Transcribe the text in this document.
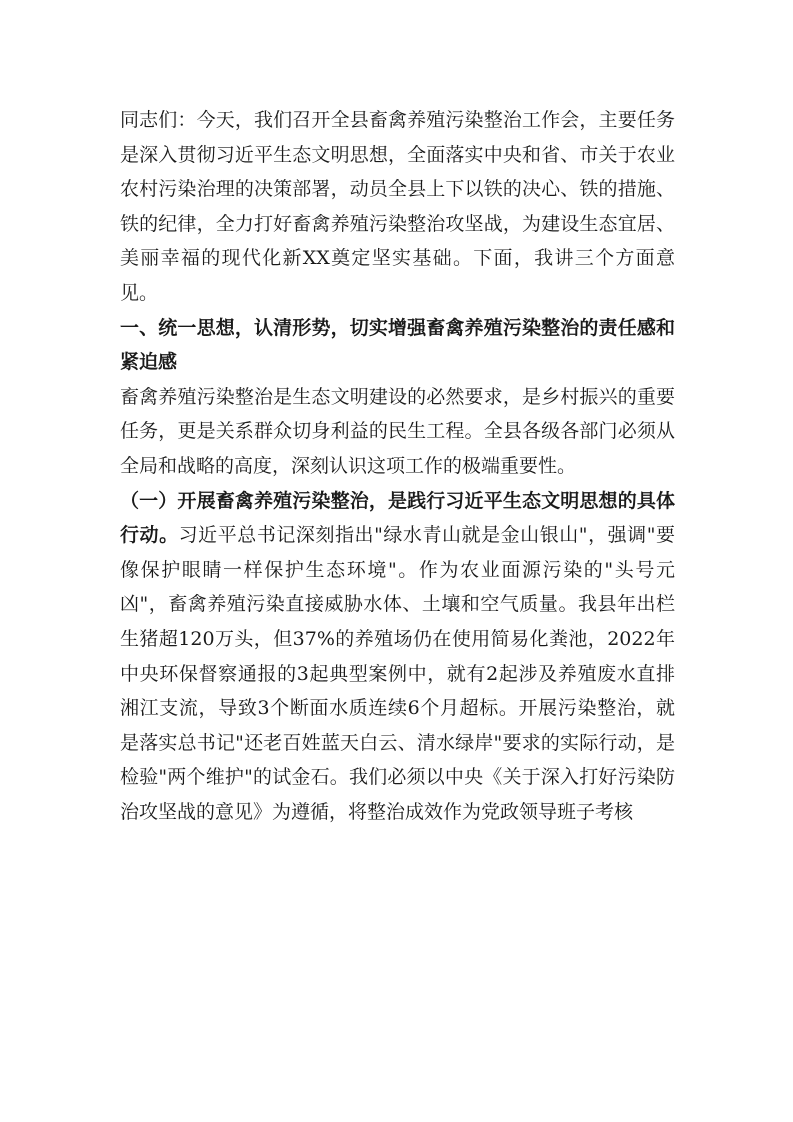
同志们：今天，我们召开全县畜禽养殖污染整治工作会，主要任务是深入贯彻习近平生态文明思想，全面落实中央和省、市关于农业农村污染治理的决策部署，动员全县上下以铁的决心、铁的措施、铁的纪律，全力打好畜禽养殖污染整治攻坚战，为建设生态宜居、美丽幸福的现代化新XX奠定坚实基础。下面，我讲三个方面意见。

一、统一思想，认清形势，切实增强畜禽养殖污染整治的责任感和紧迫感

畜禽养殖污染整治是生态文明建设的必然要求，是乡村振兴的重要任务，更是关系群众切身利益的民生工程。全县各级各部门必须从全局和战略的高度，深刻认识这项工作的极端重要性。

（一）开展畜禽养殖污染整治，是践行习近平生态文明思想的具体行动。习近平总书记深刻指出"绿水青山就是金山银山"，强调"要像保护眼睛一样保护生态环境"。作为农业面源污染的"头号元凶"，畜禽养殖污染直接威胁水体、土壤和空气质量。我县年出栏生猪超120万头，但37%的养殖场仍在使用简易化粪池，2022年中央环保督察通报的3起典型案例中，就有2起涉及养殖废水直排湘江支流，导致3个断面水质连续6个月超标。开展污染整治，就是落实总书记"还老百姓蓝天白云、清水绿岸"要求的实际行动，是检验"两个维护"的试金石。我们必须以中央《关于深入打好污染防治攻坚战的意见》为遵循，将整治成效作为党政领导班子考核
